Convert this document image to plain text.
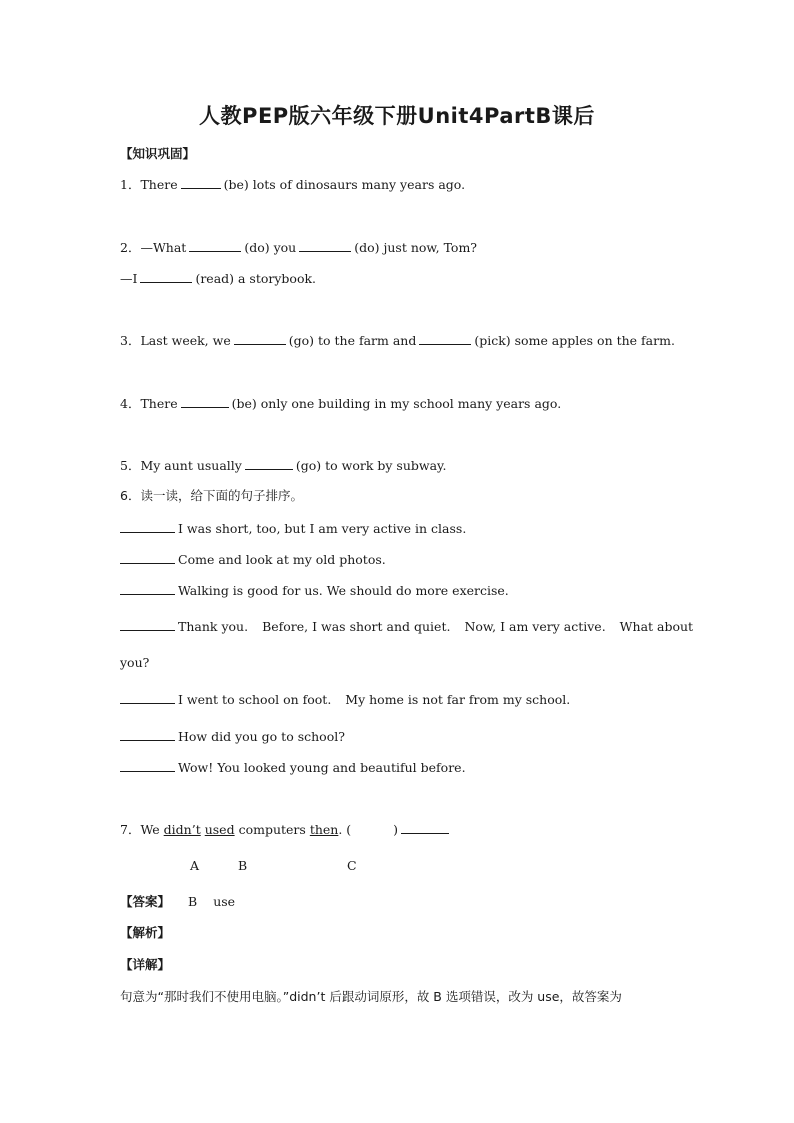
人教PEP版六年级下册Unit4PartB课后
【知识巩固】
1．There	(be) lots of dinosaurs many years ago.
2．—What	(do) you	(do) just now, Tom?
—I	(read) a storybook.
3．Last week, we	(go) to the farm and	(pick) some apples on the farm.
4．There	(be) only one building in my school many years ago.
5．My aunt usually	(go) to work by subway.
6．读一读，给下面的句子排序。
I was short, too, but I am very active in class.
Come and look at my old photos.
Walking is good for us. We should do more exercise.
Thank you. Before, I was short and quiet. Now, I am very active. What about
you?
I went to school on foot. My home is not far from my school.
How did you go to school?
Wow! You looked young and beautiful before.
7．We didn’t used computers then. (	)
A	B	C
【答案】 B use
【解析】
【详解】
句意为“那时我们不使用电脑。”didn’t 后跟动词原形，故 B 选项错误，改为 use，故答案为
